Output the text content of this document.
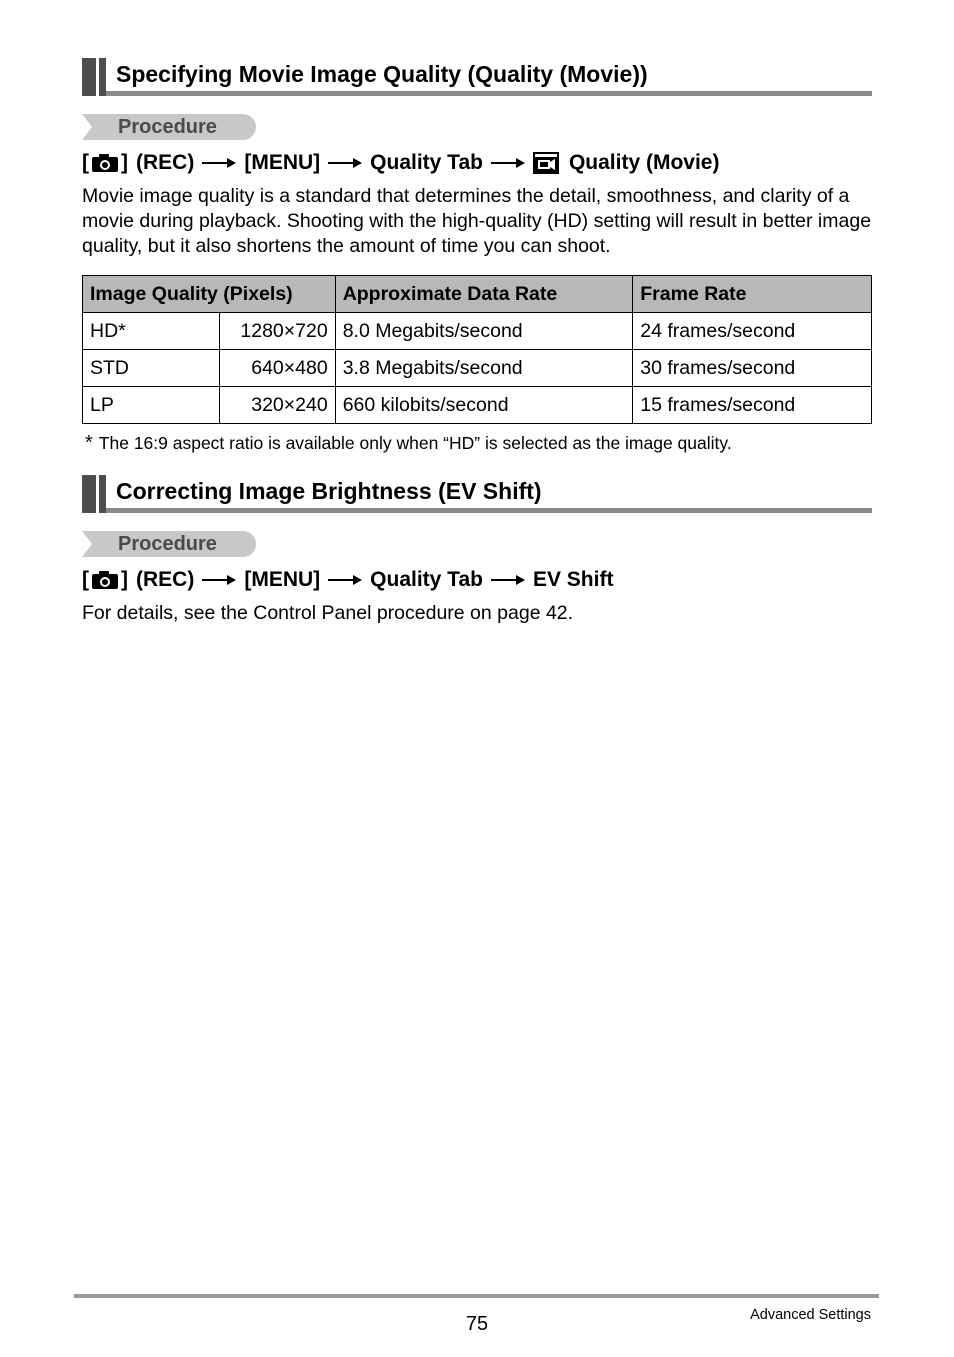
Specifying Movie Image Quality (Quality (Movie))
Procedure
[ ] (REC) [MENU] Quality Tab	Quality (Movie)
Movie image quality is a standard that determines the detail, smoothness, and clarity of a movie during playback. Shooting with the high-quality (HD) setting will result in better image quality, but it also shortens the amount of time you can shoot.
Image Quality (Pixels)		Approximate Data Rate	Frame Rate
HD*	1280×720	8.0 Megabits/second	24 frames/second
STD	640×480	3.8 Megabits/second	30 frames/second
LP	320×240	660 kilobits/second	15 frames/second
* The 16:9 aspect ratio is available only when “HD” is selected as the image quality.
Correcting Image Brightness (EV Shift)
Procedure
[ ] (REC) [MENU] Quality Tab EV Shift
For details, see the Control Panel procedure on page 42.
75	Advanced Settings
